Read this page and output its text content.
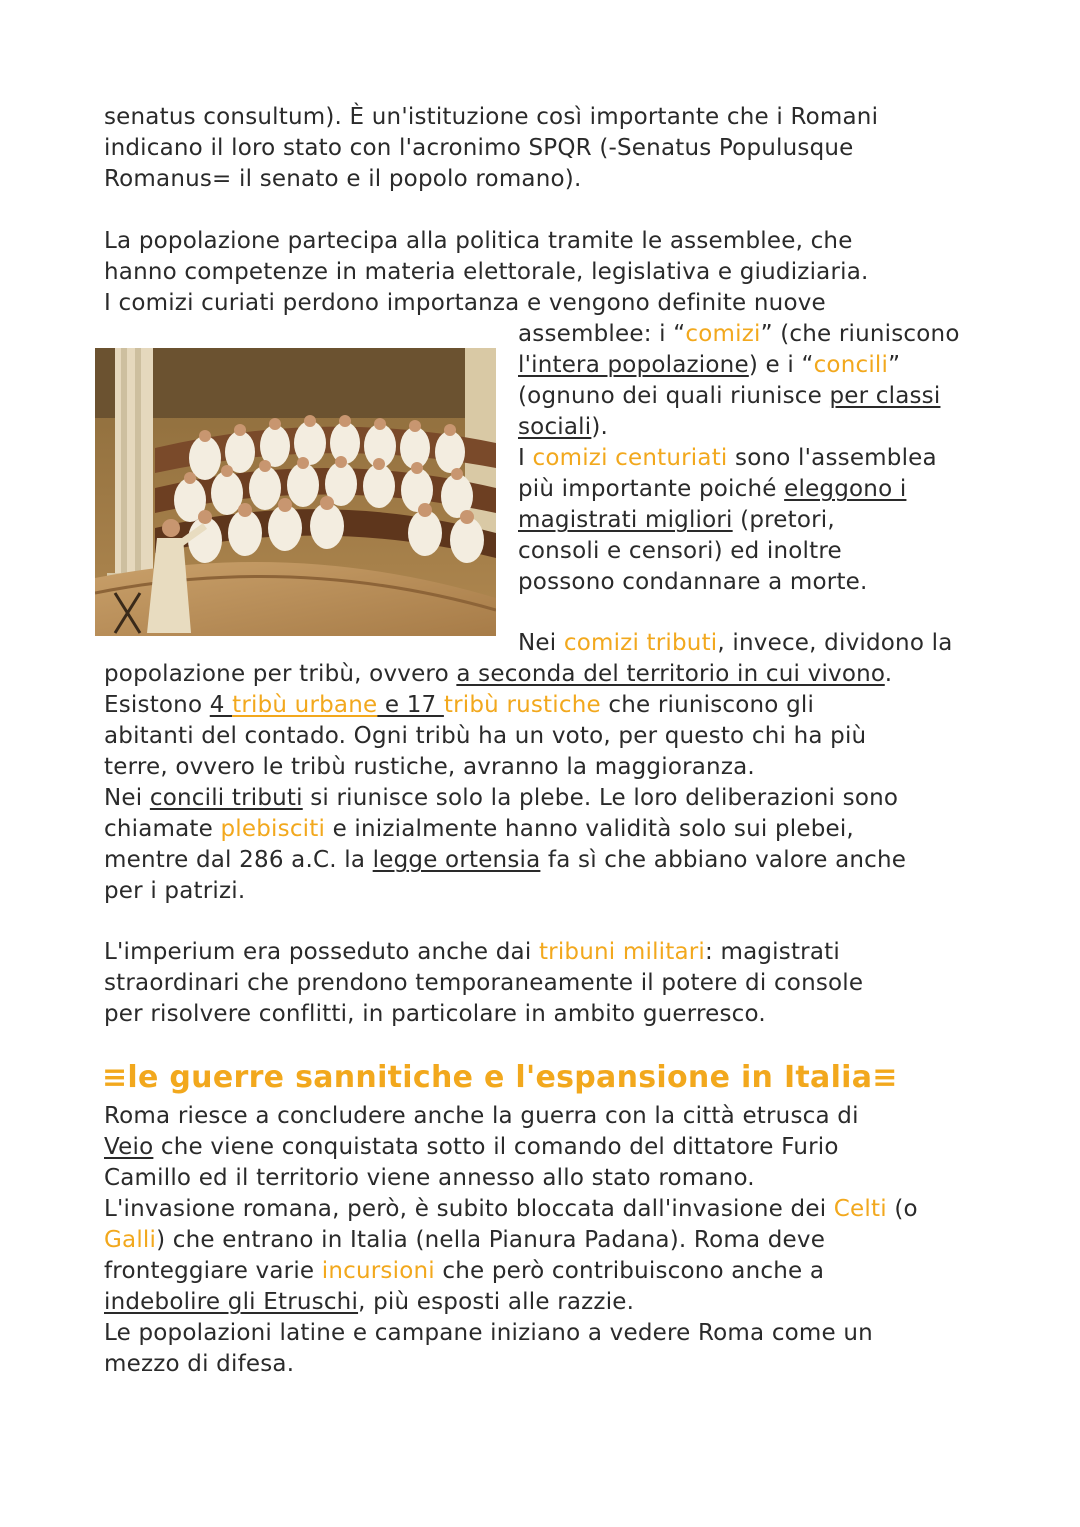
senatus consultum). È un'istituzione così importante che i Romani
indicano il loro stato con l'acronimo SPQR (-Senatus Populusque
Romanus= il senato e il popolo romano).
La popolazione partecipa alla politica tramite le assemblee, che
hanno competenze in materia elettorale, legislativa e giudiziaria.
I comizi curiati perdono importanza e vengono definite nuove
assemblee: i “comizi” (che riuniscono
l'intera popolazione) e i “concili”
(ognuno dei quali riunisce per classi
sociali).
I comizi centuriati sono l'assemblea
più importante poiché eleggono i
magistrati migliori (pretori,
consoli e censori) ed inoltre
possono condannare a morte.
Nei comizi tributi, invece, dividono la
popolazione per tribù, ovvero a seconda del territorio in cui vivono.
Esistono 4 tribù urbane e 17 tribù rustiche che riuniscono gli
abitanti del contado. Ogni tribù ha un voto, per questo chi ha più
terre, ovvero le tribù rustiche, avranno la maggioranza.
Nei concili tributi si riunisce solo la plebe. Le loro deliberazioni sono
chiamate plebisciti e inizialmente hanno validità solo sui plebei,
mentre dal 286 a.C. la legge ortensia fa sì che abbiano valore anche
per i patrizi.
L'imperium era posseduto anche dai tribuni militari: magistrati
straordinari che prendono temporaneamente il potere di console
per risolvere conflitti, in particolare in ambito guerresco.
≡le guerre sannitiche e l'espansione in Italia≡
Roma riesce a concludere anche la guerra con la città etrusca di
Veio che viene conquistata sotto il comando del dittatore Furio
Camillo ed il territorio viene annesso allo stato romano.
L'invasione romana, però, è subito bloccata dall'invasione dei Celti (o
Galli) che entrano in Italia (nella Pianura Padana). Roma deve
fronteggiare varie incursioni che però contribuiscono anche a
indebolire gli Etruschi, più esposti alle razzie.
Le popolazioni latine e campane iniziano a vedere Roma come un
mezzo di difesa.
